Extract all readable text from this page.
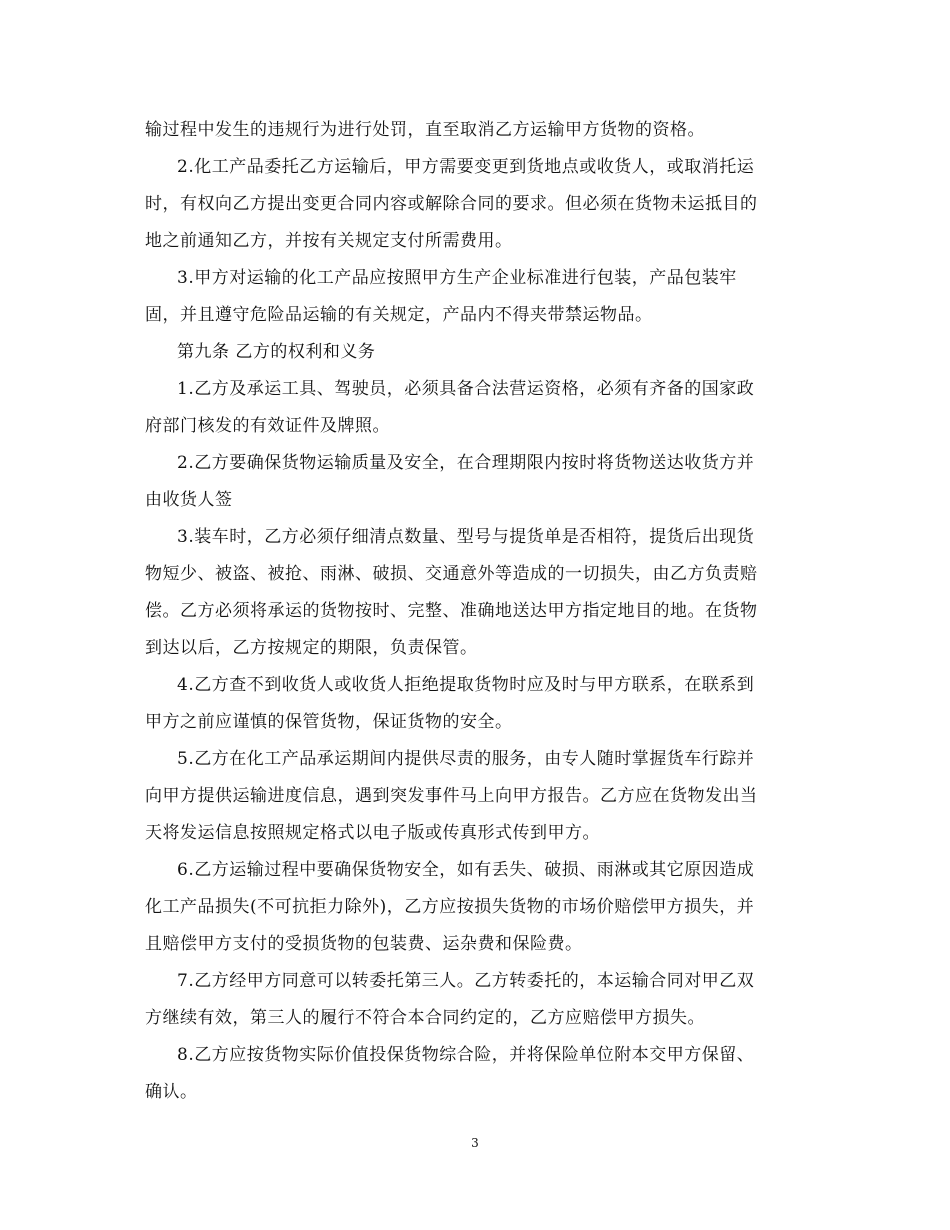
输过程中发生的违规行为进行处罚，直至取消乙方运输甲方货物的资格。
2.化工产品委托乙方运输后，甲方需要变更到货地点或收货人，或取消托运
时，有权向乙方提出变更合同内容或解除合同的要求。但必须在货物未运抵目的
地之前通知乙方，并按有关规定支付所需费用。
3.甲方对运输的化工产品应按照甲方生产企业标准进行包装，产品包装牢
固，并且遵守危险品运输的有关规定，产品内不得夹带禁运物品。
第九条 乙方的权利和义务
1.乙方及承运工具、驾驶员，必须具备合法营运资格，必须有齐备的国家政
府部门核发的有效证件及牌照。
2.乙方要确保货物运输质量及安全，在合理期限内按时将货物送达收货方并
由收货人签
3.装车时，乙方必须仔细清点数量、型号与提货单是否相符，提货后出现货
物短少、被盗、被抢、雨淋、破损、交通意外等造成的一切损失，由乙方负责赔
偿。乙方必须将承运的货物按时、完整、准确地送达甲方指定地目的地。在货物
到达以后，乙方按规定的期限，负责保管。
4.乙方查不到收货人或收货人拒绝提取货物时应及时与甲方联系，在联系到
甲方之前应谨慎的保管货物，保证货物的安全。
5.乙方在化工产品承运期间内提供尽责的服务，由专人随时掌握货车行踪并
向甲方提供运输进度信息，遇到突发事件马上向甲方报告。乙方应在货物发出当
天将发运信息按照规定格式以电子版或传真形式传到甲方。
6.乙方运输过程中要确保货物安全，如有丢失、破损、雨淋或其它原因造成
化工产品损失(不可抗拒力除外)，乙方应按损失货物的市场价赔偿甲方损失，并
且赔偿甲方支付的受损货物的包装费、运杂费和保险费。
7.乙方经甲方同意可以转委托第三人。乙方转委托的，本运输合同对甲乙双
方继续有效，第三人的履行不符合本合同约定的，乙方应赔偿甲方损失。
8.乙方应按货物实际价值投保货物综合险，并将保险单位附本交甲方保留、
确认。
3
